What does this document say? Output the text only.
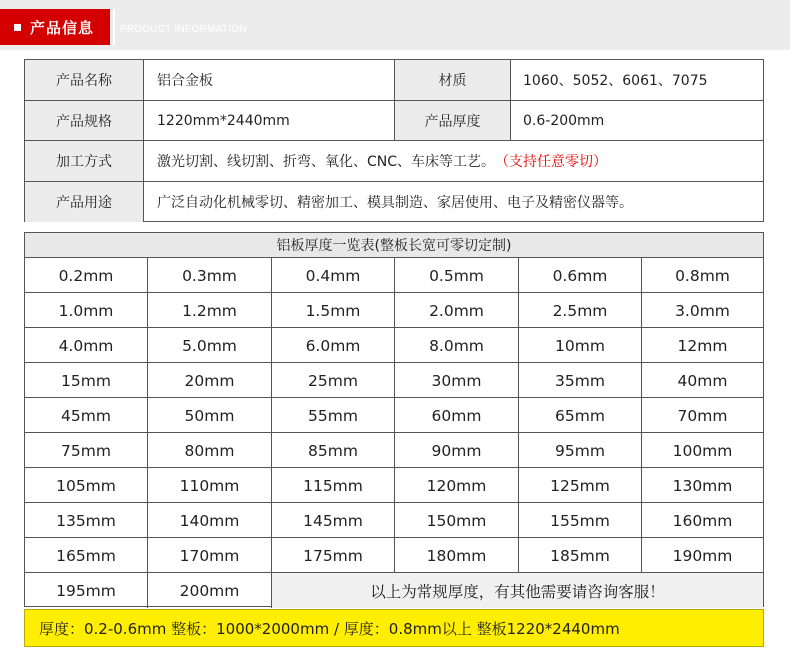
产品信息	PRODUCT INFORMATION
产品名称	铝合金板	材质	1060、5052、6061、7075
产品规格	1220mm*2440mm	产品厚度	0.6-200mm
加工方式	激光切割、线切割、折弯、氧化、CNC、车床等工艺。 （支持任意零切）
产品用途	广泛自动化机械零切、精密加工、模具制造、家居使用、电子及精密仪器等。
铝板厚度一览表(整板长宽可零切定制)
0.2mm	0.3mm	0.4mm	0.5mm	0.6mm	0.8mm
1.0mm	1.2mm	1.5mm	2.0mm	2.5mm	3.0mm
4.0mm	5.0mm	6.0mm	8.0mm	10mm	12mm
15mm	20mm	25mm	30mm	35mm	40mm
45mm	50mm	55mm	60mm	65mm	70mm
75mm	80mm	85mm	90mm	95mm	100mm
105mm	110mm	115mm	120mm	125mm	130mm
135mm	140mm	145mm	150mm	155mm	160mm
165mm	170mm	175mm	180mm	185mm	190mm
195mm	200mm	以上为常规厚度，有其他需要请咨询客服！
厚度：0.2-0.6mm 整板：1000*2000mm / 厚度：0.8mm以上 整板1220*2440mm
